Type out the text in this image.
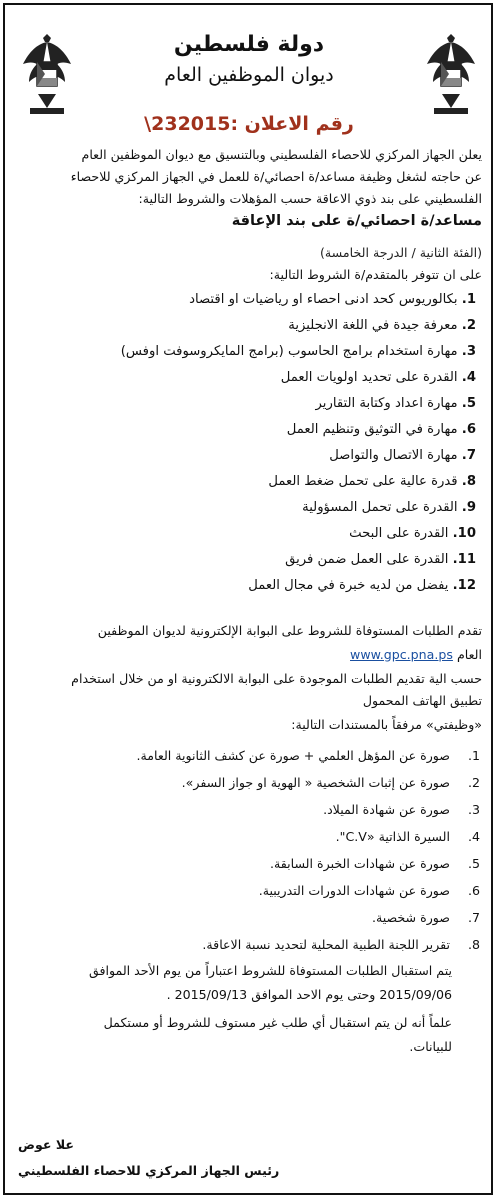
دولة فلسطين
ديوان الموظفين العام
رقم الاعلان :232015\
يعلن الجهاز المركزي للاحصاء الفلسطيني وبالتنسيق مع ديوان الموظفين العام
عن حاجته لشغل وظيفة مساعد/ة احصائي/ة للعمل في الجهاز المركزي للاحصاء
الفلسطيني على بند ذوي الاعاقة حسب المؤهلات والشروط التالية:
مساعد/ة احصائي/ة على بند الإعاقة
(الفئة الثانية / الدرجة الخامسة)
على ان تتوفر بالمتقدم/ة الشروط التالية:
1. بكالوريوس كحد ادنى احصاء او رياضيات او اقتصاد
2. معرفة جيدة في اللغة الانجليزية
3. مهارة استخدام برامج الحاسوب (برامج المايكروسوفت اوفس)
4. القدرة على تحديد اولويات العمل
5. مهارة اعداد وكتابة التقارير
6. مهارة في التوثيق وتنظيم العمل
7. مهارة الاتصال والتواصل
8. قدرة عالية على تحمل ضغط العمل
9. القدرة على تحمل المسؤولية
10. القدرة على البحث
11. القدرة على العمل ضمن فريق
12. يفضل من لديه خبرة في مجال العمل
تقدم الطلبات المستوفاة للشروط على البوابة الإلكترونية لديوان الموظفين
العام www.gpc.pna.ps
حسب الية تقديم الطلبات الموجودة على البوابة الالكترونية او من خلال استخدام
تطبيق الهاتف المحمول
«وظيفتي» مرفقاً بالمستندات التالية:
1.
صورة عن المؤهل العلمي + صورة عن كشف الثانوية العامة.
2.
صورة عن إثبات الشخصية « الهوية او جواز السفر».
3.
صورة عن شهادة الميلاد.
4.
السيرة الذاتية «C.V".
5.
صورة عن شهادات الخبرة السابقة.
6.
صورة عن شهادات الدورات التدريبية.
7.
صورة شخصية.
8.
تقرير اللجنة الطبية المحلية لتحديد نسبة الاعاقة.
يتم استقبال الطلبات المستوفاة للشروط اعتباراً من يوم الأحد الموافق
2015/09/06 وحتى يوم الاحد الموافق 2015/09/13 .
علماً أنه لن يتم استقبال أي طلب غير مستوف للشروط أو مستكمل
للبيانات.
علا عوض
رئيس الجهاز المركزي للاحصاء الفلسطيني
